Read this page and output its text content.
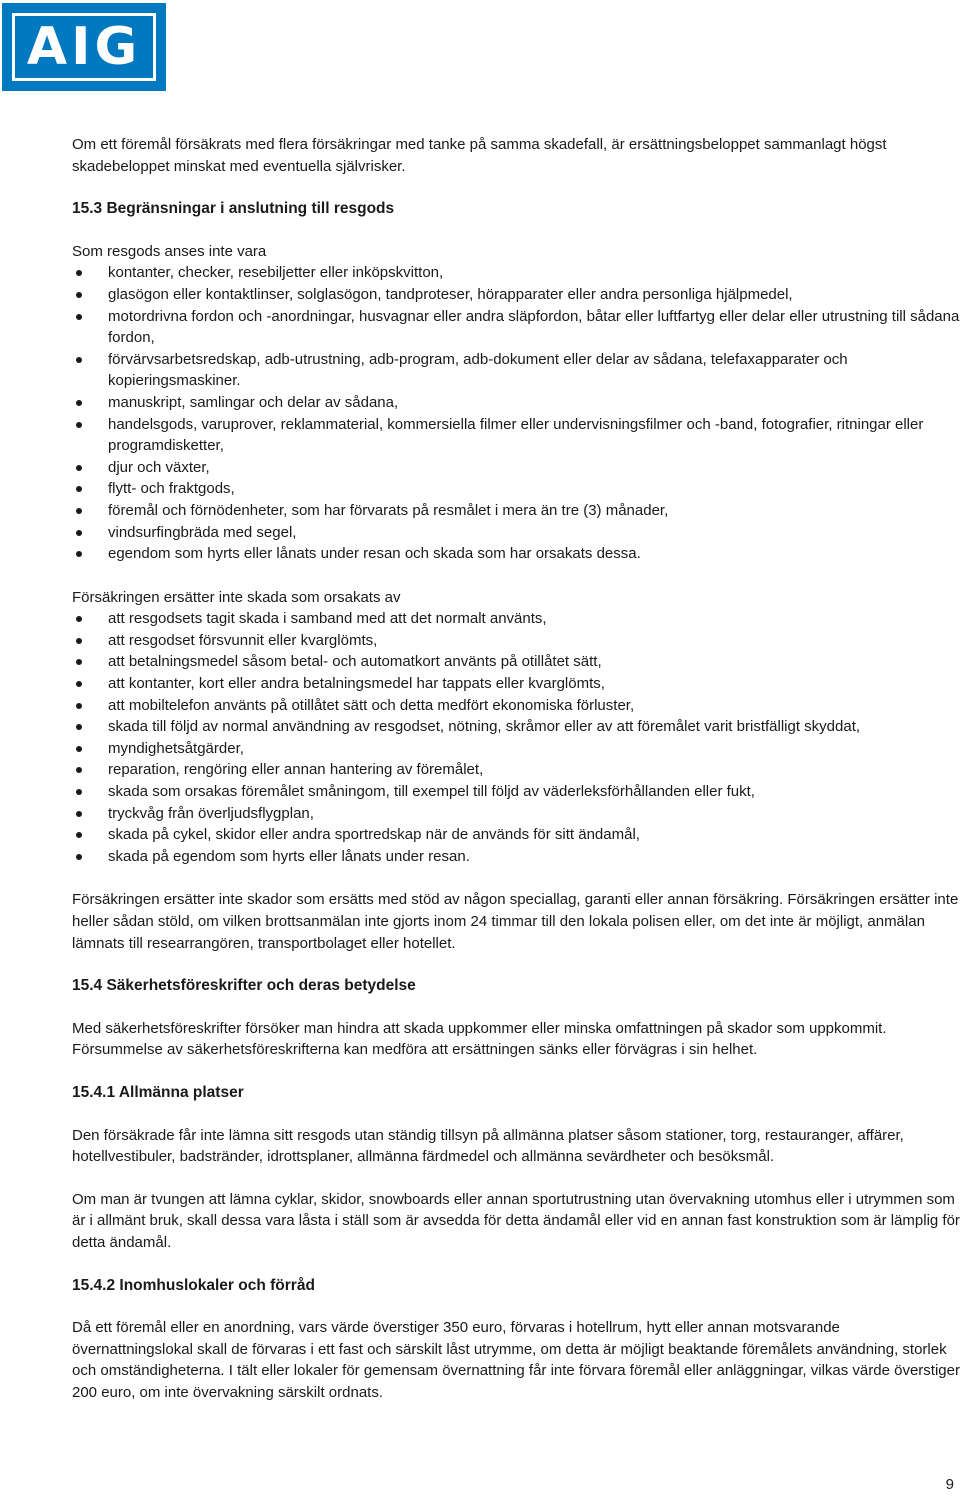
AIG

Om ett föremål försäkrats med flera försäkringar med tanke på samma skadefall, är ersättningsbeloppet sammanlagt högst skadebeloppet minskat med eventuella självrisker.

15.3 Begränsningar i anslutning till resgods

Som resgods anses inte vara

kontanter, checker, resebiljetter eller inköpskvitton,
glasögon eller kontaktlinser, solglasögon, tandproteser, hörapparater eller andra personliga hjälpmedel,
motordrivna fordon och -anordningar, husvagnar eller andra släpfordon, båtar eller luftfartyg eller delar eller utrustning till sådana fordon,
förvärvsarbetsredskap, adb-utrustning, adb-program, adb-dokument eller delar av sådana, telefaxapparater och kopieringsmaskiner.
manuskript, samlingar och delar av sådana,
handelsgods, varuprover, reklammaterial, kommersiella filmer eller undervisningsfilmer och -band, fotografier, ritningar eller programdisketter,
djur och växter,
flytt- och fraktgods,
föremål och förnödenheter, som har förvarats på resmålet i mera än tre (3) månader,
vindsurfingbräda med segel,
egendom som hyrts eller lånats under resan och skada som har orsakats dessa.

Försäkringen ersätter inte skada som orsakats av

att resgodsets tagit skada i samband med att det normalt använts,
att resgodset försvunnit eller kvarglömts,
att betalningsmedel såsom betal- och automatkort använts på otillåtet sätt,
att kontanter, kort eller andra betalningsmedel har tappats eller kvarglömts,
att mobiltelefon använts på otillåtet sätt och detta medfört ekonomiska förluster,
skada till följd av normal användning av resgodset, nötning, skråmor eller av att föremålet varit bristfälligt skyddat,
myndighetsåtgärder,
reparation, rengöring eller annan hantering av föremålet,
skada som orsakas föremålet småningom, till exempel till följd av väderleksförhållanden eller fukt,
tryckvåg från överljudsflygplan,
skada på cykel, skidor eller andra sportredskap när de används för sitt ändamål,
skada på egendom som hyrts eller lånats under resan.

Försäkringen ersätter inte skador som ersätts med stöd av någon speciallag, garanti eller annan försäkring. Försäkringen ersätter inte heller sådan stöld, om vilken brottsanmälan inte gjorts inom 24 timmar till den lokala polisen eller, om det inte är möjligt, anmälan lämnats till researrangören, transportbolaget eller hotellet.

15.4 Säkerhetsföreskrifter och deras betydelse

Med säkerhetsföreskrifter försöker man hindra att skada uppkommer eller minska omfattningen på skador som uppkommit. Försummelse av säkerhetsföreskrifterna kan medföra att ersättningen sänks eller förvägras i sin helhet.

15.4.1 Allmänna platser

Den försäkrade får inte lämna sitt resgods utan ständig tillsyn på allmänna platser såsom stationer, torg, restauranger, affärer, hotellvestibuler, badstränder, idrottsplaner, allmänna färdmedel och allmänna sevärdheter och besöksmål.

Om man är tvungen att lämna cyklar, skidor, snowboards eller annan sportutrustning utan övervakning utomhus eller i utrymmen som är i allmänt bruk, skall dessa vara låsta i ställ som är avsedda för detta ändamål eller vid en annan fast konstruktion som är lämplig för detta ändamål.

15.4.2 Inomhuslokaler och förråd

Då ett föremål eller en anordning, vars värde överstiger 350 euro, förvaras i hotellrum, hytt eller annan motsvarande övernattningslokal skall de förvaras i ett fast och särskilt låst utrymme, om detta är möjligt beaktande föremålets användning, storlek och omständigheterna. I tält eller lokaler för gemensam övernattning får inte förvara föremål eller anläggningar, vilkas värde överstiger 200 euro, om inte övervakning särskilt ordnats.

9
